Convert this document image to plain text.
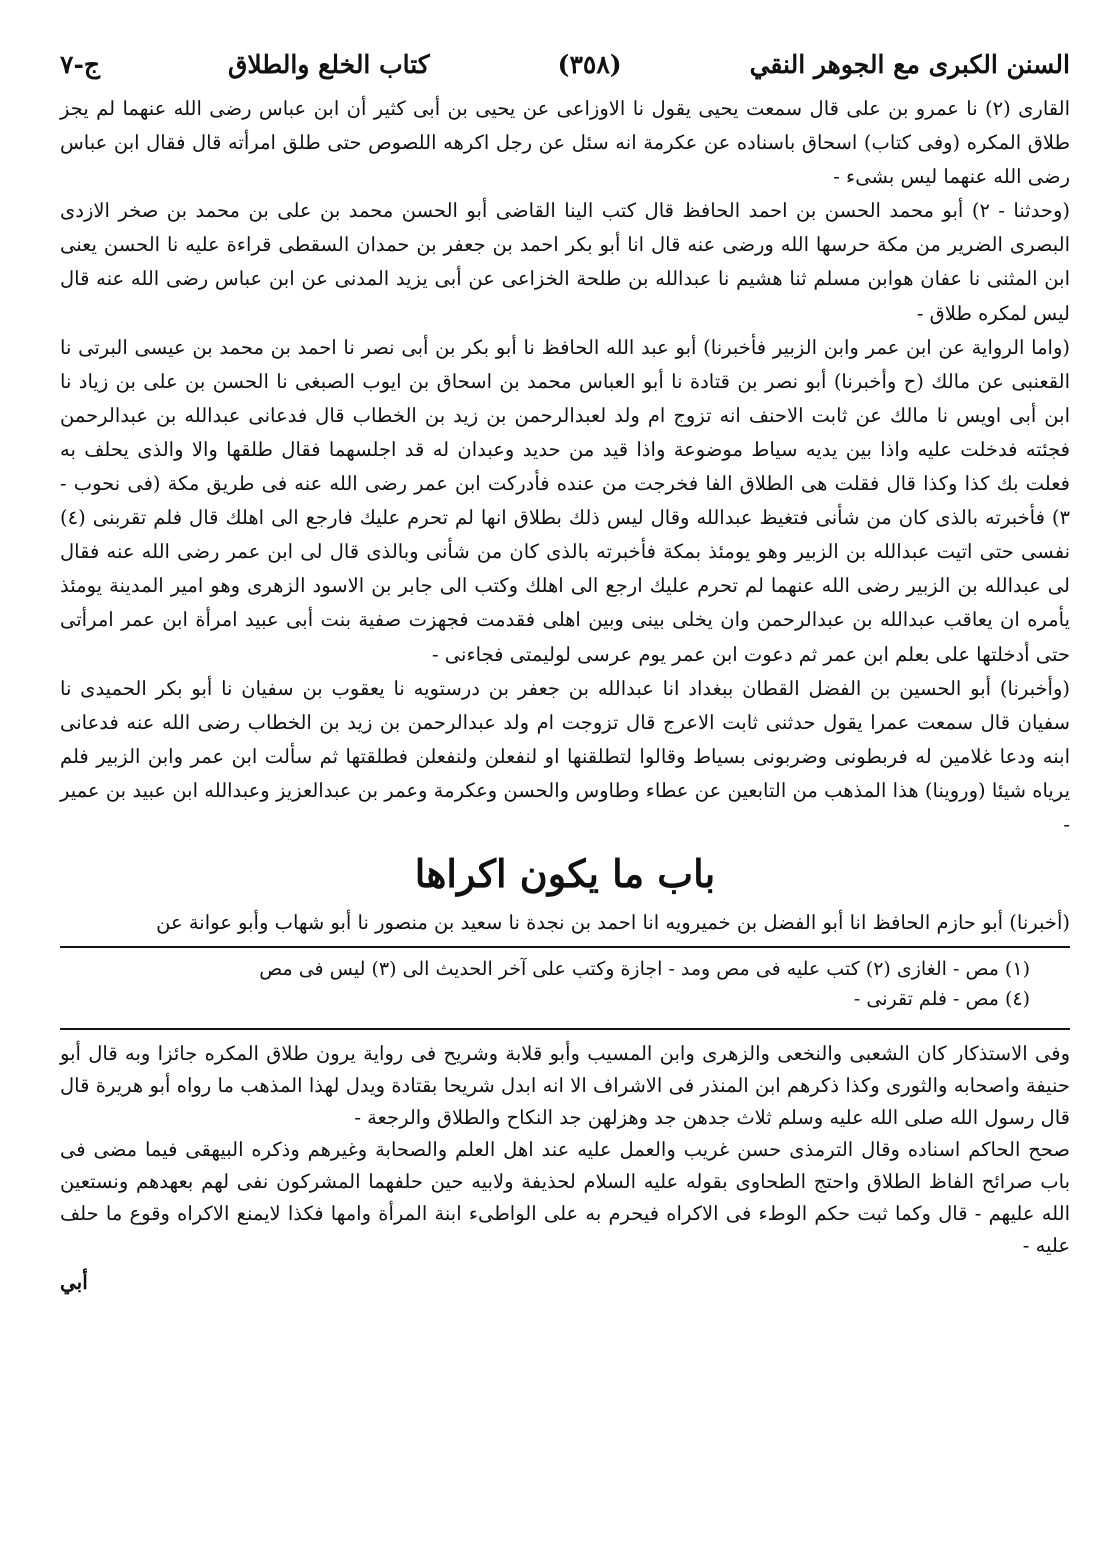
السنن الكبرى مع الجوهر النقي
(٣٥٨)
كتاب الخلع والطلاق
ج-٧

القارى (٢) نا عمرو بن على قال سمعت يحيى يقول نا الاوزاعى عن يحيى بن أبى كثير أن ابن عباس رضى الله عنهما لم يجز طلاق المكره (وفى كتاب) اسحاق باسناده عن عكرمة انه سئل عن رجل اكرهه اللصوص حتى طلق امرأته قال فقال ابن عباس رضى الله عنهما ليس بشىء -

(وحدثنا - ٢) أبو محمد الحسن بن احمد الحافظ قال كتب الينا القاضى أبو الحسن محمد بن على بن محمد بن صخر الازدى البصرى الضرير من مكة حرسها الله ورضى عنه قال انا أبو بكر احمد بن جعفر بن حمدان السقطى قراءة عليه نا الحسن يعنى ابن المثنى نا عفان هوابن مسلم ثنا هشيم نا عبدالله بن طلحة الخزاعى عن أبى يزيد المدنى عن ابن عباس رضى الله عنه قال ليس لمكره طلاق -

(واما الرواية عن ابن عمر وابن الزبير فأخبرنا) أبو عبد الله الحافظ نا أبو بكر بن أبى نصر نا احمد بن محمد بن عيسى البرتى نا القعنبى عن مالك (ح وأخبرنا) أبو نصر بن قتادة نا أبو العباس محمد بن اسحاق بن ايوب الصبغى نا الحسن بن على بن زياد نا ابن أبى اويس نا مالك عن ثابت الاحنف انه تزوج ام ولد لعبدالرحمن بن زيد بن الخطاب قال فدعانى عبدالله بن عبدالرحمن فجئته فدخلت عليه واذا بين يديه سياط موضوعة واذا قيد من حديد وعبدان له قد اجلسهما فقال طلقها والا والذى يحلف به فعلت بك كذا وكذا قال فقلت هى الطلاق الفا فخرجت من عنده فأدركت ابن عمر رضى الله عنه فى طريق مكة (فى نحوب - ٣) فأخبرته بالذى كان من شأنى فتغيظ عبدالله وقال ليس ذلك بطلاق انها لم تحرم عليك فارجع الى اهلك قال فلم تقربنى (٤) نفسى حتى اتيت عبدالله بن الزبير وهو يومئذ بمكة فأخبرته بالذى كان من شأنى وبالذى قال لى ابن عمر رضى الله عنه فقال لى عبدالله بن الزبير رضى الله عنهما لم تحرم عليك ارجع الى اهلك وكتب الى جابر بن الاسود الزهرى وهو امير المدينة يومئذ يأمره ان يعاقب عبدالله بن عبدالرحمن وان يخلى بينى وبين اهلى فقدمت فجهزت صفية بنت أبى عبيد امرأة ابن عمر امرأتى حتى أدخلتها على بعلم ابن عمر ثم دعوت ابن عمر يوم عرسى لوليمتى فجاءنى -

(وأخبرنا) أبو الحسين بن الفضل القطان ببغداد انا عبدالله بن جعفر بن درستويه نا يعقوب بن سفيان نا أبو بكر الحميدى نا سفيان قال سمعت عمرا يقول حدثنى ثابت الاعرج قال تزوجت ام ولد عبدالرحمن بن زيد بن الخطاب رضى الله عنه فدعانى ابنه ودعا غلامين له فربطونى وضربونى بسياط وقالوا لتطلقنها او لنفعلن ولنفعلن فطلقتها ثم سألت ابن عمر وابن الزبير فلم يرياه شيئا (وروينا) هذا المذهب من التابعين عن عطاء وطاوس والحسن وعكرمة وعمر بن عبدالعزيز وعبدالله ابن عبيد بن عمير -

باب ما يكون اكراها

(أخبرنا) أبو حازم الحافظ انا أبو الفضل بن خميرويه انا احمد بن نجدة نا سعيد بن منصور نا أبو شهاب وأبو عوانة عن

(١) مص - الغازى (٢) كتب عليه فى مص ومد - اجازة وكتب على آخر الحديث الى (٣) ليس فى مص

(٤) مص - فلم تقرنى -

وفى الاستذكار كان الشعبى والنخعى والزهرى وابن المسيب وأبو قلابة وشريح فى رواية يرون طلاق المكره جائزا وبه قال أبو حنيفة واصحابه والثورى وكذا ذكرهم ابن المنذر فى الاشراف الا انه ابدل شريحا بقتادة ويدل لهذا المذهب ما رواه أبو هريرة قال قال رسول الله صلى الله عليه وسلم ثلاث جدهن جد وهزلهن جد النكاح والطلاق والرجعة -

صحح الحاكم اسناده وقال الترمذى حسن غريب والعمل عليه عند اهل العلم والصحابة وغيرهم وذكره البيهقى فيما مضى فى باب صرائح الفاظ الطلاق واحتج الطحاوى بقوله عليه السلام لحذيفة ولابيه حين حلفهما المشركون نفى لهم بعهدهم ونستعين الله عليهم - قال وكما ثبت حكم الوطء فى الاكراه فيحرم به على الواطىء ابنة المرأة وامها فكذا لايمنع الاكراه وقوع ما حلف عليه -

أبي
